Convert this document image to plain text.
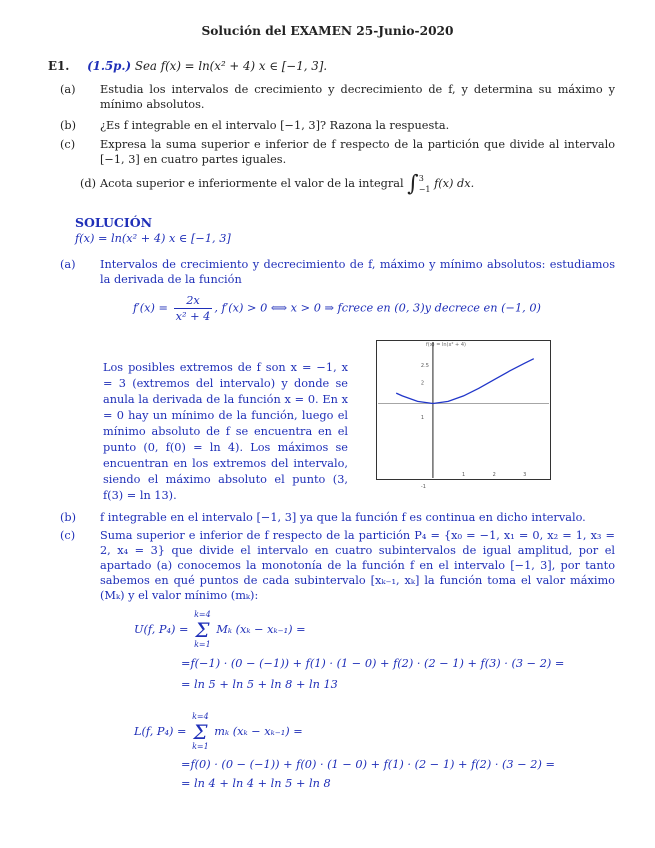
Solución del EXAMEN 25-Junio-2020
E1. (1.5p.) Sea f(x) = ln(x² + 4) x ∈ [−1, 3].
(a) Estudia los intervalos de crecimiento y decrecimiento de f, y determina su máximo y mínimo absolutos.
(b) ¿Es f integrable en el intervalo [−1, 3]? Razona la respuesta.
(c) Expresa la suma superior e inferior de f respecto de la partición que divide al intervalo [−1, 3] en cuatro partes iguales.
(d) Acota superior e inferiormente el valor de la integral ∫ 3
−1 f(x) dx.
SOLUCIÓN
f(x) = ln(x² + 4) x ∈ [−1, 3]
(a) Intervalos de crecimiento y decrecimiento de f, máximo y mínimo absolutos: estudiamos la derivada de la función
$f'(x) = \frac{2x}{\text{x² + 4}}$ , f′(x) > 0 ⟺ x > 0 ⇒ fcrece en (0, 3)y decrece en (−1, 0)
Los posibles extremos de f son x = −1, x = 3 (extremos del intervalo) y donde se anula la derivada de la función x = 0. En x = 0 hay un mínimo de la función, luego el mínimo absoluto de f se encuentra en el punto (0, f(0) = ln 4). Los máximos se encuentran en los extremos del intervalo, siendo el máximo absoluto el punto (3, f(3) = ln 13).
f(x) = ln(x² + 4)
1	2	3
2.5
2
1
-1
(b) f integrable en el intervalo [−1, 3] ya que la función f es continua en dicho intervalo.
(c) Suma superior e inferior de f respecto de la partición P₄ = {x₀ = −1, x₁ = 0, x₂ = 1, x₃ = 2, x₄ = 3} que divide el intervalo en cuatro subintervalos de igual amplitud, por el apartado (a) conocemos la monotonía de la función f en el intervalo [−1, 3], por tanto sabemos en qué puntos de cada subintervalo [xₖ₋₁, xₖ] la función toma el valor máximo (Mₖ) y el valor mínimo (mₖ):
U(f, P₄) =
k=4
Σ
k=1
Mₖ (xₖ − xₖ₋₁) =
=f(−1) · (0 − (−1)) + f(1) · (1 − 0) + f(2) · (2 − 1) + f(3) · (3 − 2) =
= ln 5 + ln 5 + ln 8 + ln 13
L(f, P₄) =
k=4
Σ
k=1
mₖ (xₖ − xₖ₋₁) =
=f(0) · (0 − (−1)) + f(0) · (1 − 0) + f(1) · (2 − 1) + f(2) · (3 − 2) =
= ln 4 + ln 4 + ln 5 + ln 8
